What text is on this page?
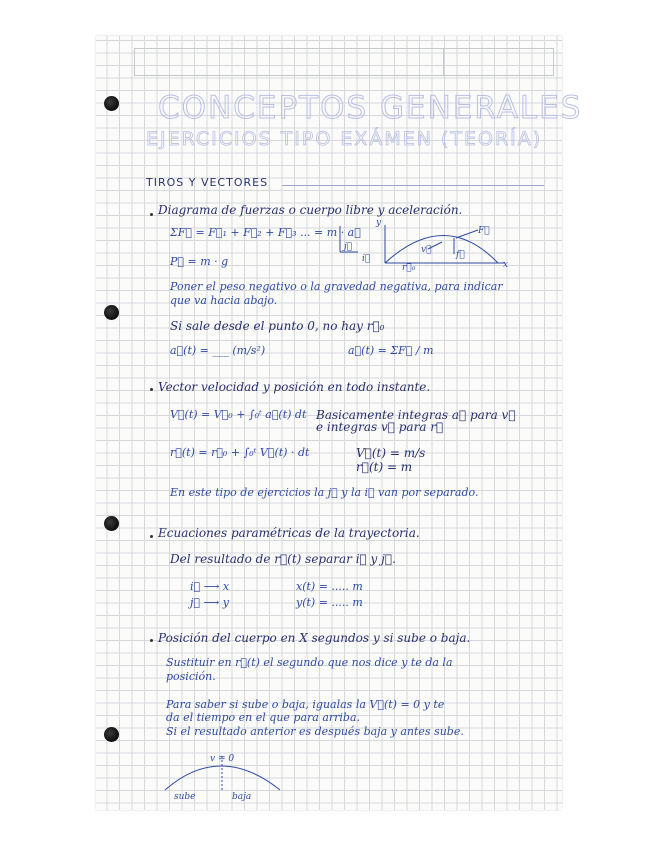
CONCEPTOS GENERALES
EJERCICIOS TIPO EXÁMEN (TEORÍA)
TIROS Y VECTORES
Diagrama de fuerzas o cuerpo libre y aceleración.
ΣF⃗ = F⃗₁ + F⃗₂ + F⃗₃ ... = m · a⃗
P⃗ = m · g
j⃗
i⃗
y
x
r⃗₀
v⃗
F⃗
f⃗
Poner el peso negativo o la gravedad negativa, para indicar
que va hacia abajo.
Si sale desde el punto 0, no hay r⃗₀
a⃗(t) = ___ (m/s²)	a⃗(t) = ΣF⃗ / m
Vector velocidad y posición en todo instante.
V⃗(t) = V⃗₀ + ∫₀ᵗ a⃗(t) dt Basicamente integras a⃗ para v⃗
e integras v⃗ para r⃗
r⃗(t) = r⃗₀ + ∫₀ᵗ V⃗(t) · dt	V⃗(t) = m/s
r⃗(t) = m
En este tipo de ejercicios la j⃗ y la i⃗ van por separado.
Ecuaciones paramétricas de la trayectoria.
Del resultado de r⃗(t) separar i⃗ y j⃗.
i⃗ ⟶ x
j⃗ ⟶ y
x(t) = ..... m
y(t) = ..... m
Posición del cuerpo en X segundos y si sube o baja.
Sustituir en r⃗(t) el segundo que nos dice y te da la
posición.
Para saber si sube o baja, igualas la V⃗(t) = 0 y te
da el tiempo en el que para arriba.
Si el resultado anterior es después baja y antes sube.
v = 0
sube	baja
